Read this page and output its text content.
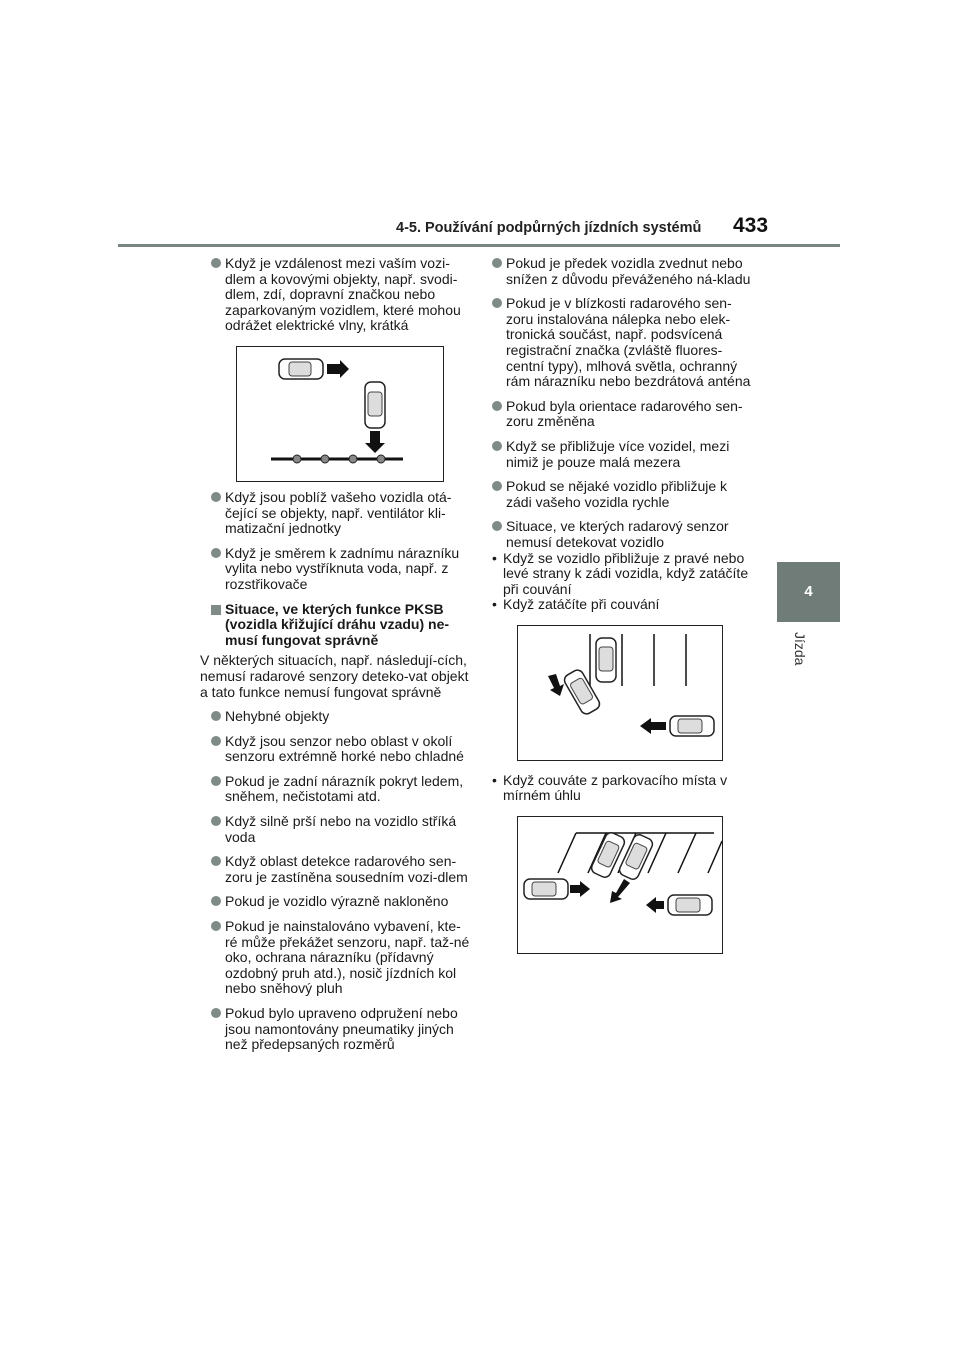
4-5. Používání podpůrných jízdních systémů 433
4
Jízda
Když je vzdálenost mezi vaším vozi-dlem a kovovými objekty, např. svodi-dlem, zdí, dopravní značkou nebo zaparkovaným vozidlem, které mohou odrážet elektrické vlny, krátká
Když jsou poblíž vašeho vozidla otá-čející se objekty, např. ventilátor kli-matizační jednotky
Když je směrem k zadnímu nárazníku vylita nebo vystříknuta voda, např. z rozstřikovače
Situace, ve kterých funkce PKSB (vozidla křižující dráhu vzadu) ne-musí fungovat správně
V některých situacích, např. následují-cích, nemusí radarové senzory deteko-vat objekt a tato funkce nemusí fungovat správně
Nehybné objekty
Když jsou senzor nebo oblast v okolí senzoru extrémně horké nebo chladné
Pokud je zadní nárazník pokryt ledem, sněhem, nečistotami atd.
Když silně prší nebo na vozidlo stříká voda
Když oblast detekce radarového sen-zoru je zastíněna sousedním vozi-dlem
Pokud je vozidlo výrazně nakloněno
Pokud je nainstalováno vybavení, kte-ré může překážet senzoru, např. taž-né oko, ochrana nárazníku (přídavný ozdobný pruh atd.), nosič jízdních kol nebo sněhový pluh
Pokud bylo upraveno odpružení nebo jsou namontovány pneumatiky jiných než předepsaných rozměrů
Pokud je předek vozidla zvednut nebo snížen z důvodu převáženého ná-kladu
Pokud je v blízkosti radarového sen-zoru instalována nálepka nebo elek-tronická součást, např. podsvícená registrační značka (zvláště fluores-centní typy), mlhová světla, ochranný rám nárazníku nebo bezdrátová anténa
Pokud byla orientace radarového sen-zoru změněna
Když se přibližuje více vozidel, mezi nimiž je pouze malá mezera
Pokud se nějaké vozidlo přibližuje k zádi vašeho vozidla rychle
Situace, ve kterých radarový senzor nemusí detekovat vozidlo
• Když se vozidlo přibližuje z pravé nebo levé strany k zádi vozidla, když zatáčíte při couvání
• Když zatáčíte při couvání
• Když couváte z parkovacího místa v mírném úhlu
